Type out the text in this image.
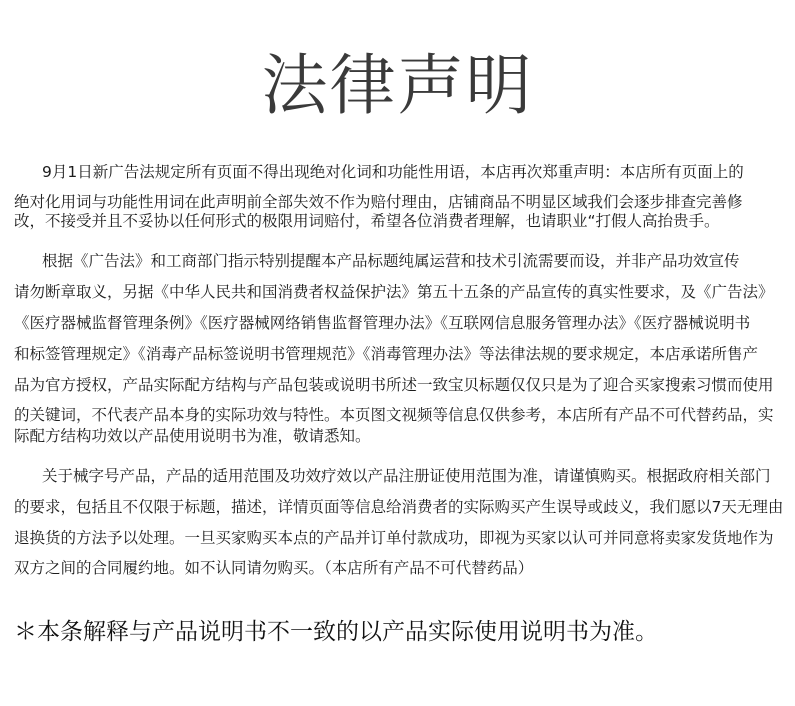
法律声明
9月1日新广告法规定所有页面不得出现绝对化词和功能性用语，本店再次郑重声明：本店所有页面上的
绝对化用词与功能性用词在此声明前全部失效不作为赔付理由，店铺商品不明显区域我们会逐步排查完善修
改，不接受并且不妥协以任何形式的极限用词赔付，希望各位消费者理解，也请职业“打假人高抬贵手。
根据《广告法》和工商部门指示特别提醒本产品标题纯属运营和技术引流需要而设，并非产品功效宣传
请勿断章取义，另据《中华人民共和国消费者权益保护法》第五十五条的产品宣传的真实性要求，及《广告法》
《医疗器械监督管理条例》《医疗器械网络销售监督管理办法》《互联网信息服务管理办法》《医疗器械说明书
和标签管理规定》《消毒产品标签说明书管理规范》《消毒管理办法》等法律法规的要求规定，本店承诺所售产
品为官方授权，产品实际配方结构与产品包装或说明书所述一致宝贝标题仅仅只是为了迎合买家搜索习惯而使用
的关键词，不代表产品本身的实际功效与特性。本页图文视频等信息仅供参考，本店所有产品不可代替药品，实
际配方结构功效以产品使用说明书为准，敬请悉知。
关于械字号产品，产品的适用范围及功效疗效以产品注册证使用范围为准，请谨慎购买。根据政府相关部门
的要求，包括且不仅限于标题，描述，详情页面等信息给消费者的实际购买产生误导或歧义，我们愿以7天无理由
退换货的方法予以处理。一旦买家购买本点的产品并订单付款成功，即视为买家以认可并同意将卖家发货地作为
双方之间的合同履约地。如不认同请勿购买。（本店所有产品不可代替药品）
＊本条解释与产品说明书不一致的以产品实际使用说明书为准。
